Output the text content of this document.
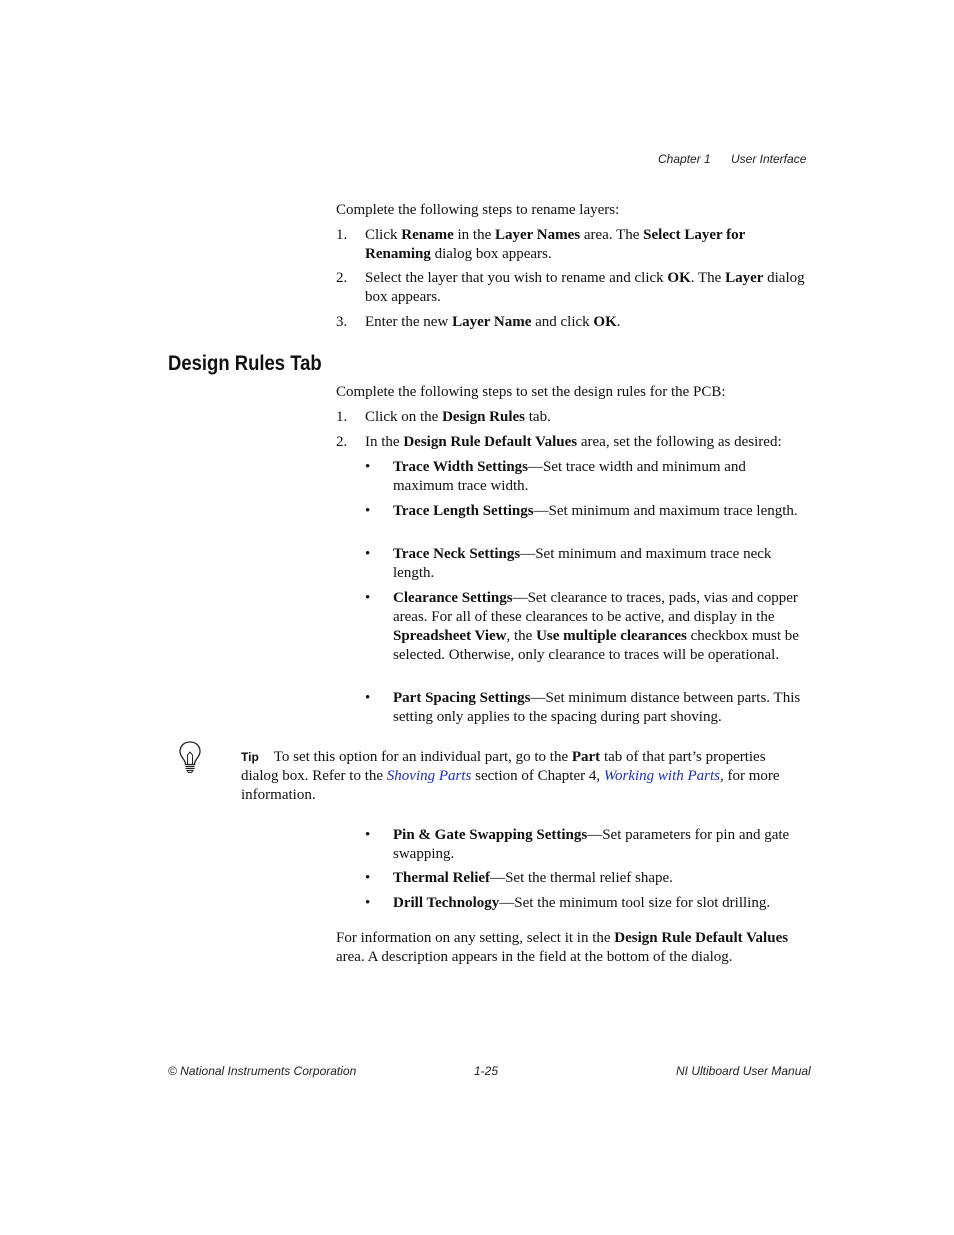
Chapter 1 User Interface
Complete the following steps to rename layers:
1.	Click Rename in the Layer Names area. The Select Layer for Renaming dialog box appears.
2.	Select the layer that you wish to rename and click OK. The Layer dialog box appears.
3.	Enter the new Layer Name and click OK.
Design Rules Tab
Complete the following steps to set the design rules for the PCB:
1.	Click on the Design Rules tab.
2.	In the Design Rule Default Values area, set the following as desired:
•	Trace Width Settings—Set trace width and minimum and maximum trace width.
•	Trace Length Settings—Set minimum and maximum trace length.
•	Trace Neck Settings—Set minimum and maximum trace neck length.
•	Clearance Settings—Set clearance to traces, pads, vias and copper areas. For all of these clearances to be active, and display in the Spreadsheet View, the Use multiple clearances checkbox must be selected. Otherwise, only clearance to traces will be operational.
•	Part Spacing Settings—Set minimum distance between parts. This setting only applies to the spacing during part shoving.
Tip To set this option for an individual part, go to the Part tab of that part’s properties dialog box. Refer to the Shoving Parts section of Chapter 4, Working with Parts, for more information.
•	Pin & Gate Swapping Settings—Set parameters for pin and gate swapping.
•	Thermal Relief—Set the thermal relief shape.
•	Drill Technology—Set the minimum tool size for slot drilling.
For information on any setting, select it in the Design Rule Default Values area. A description appears in the field at the bottom of the dialog.
© National Instruments Corporation	1-25	NI Ultiboard User Manual
